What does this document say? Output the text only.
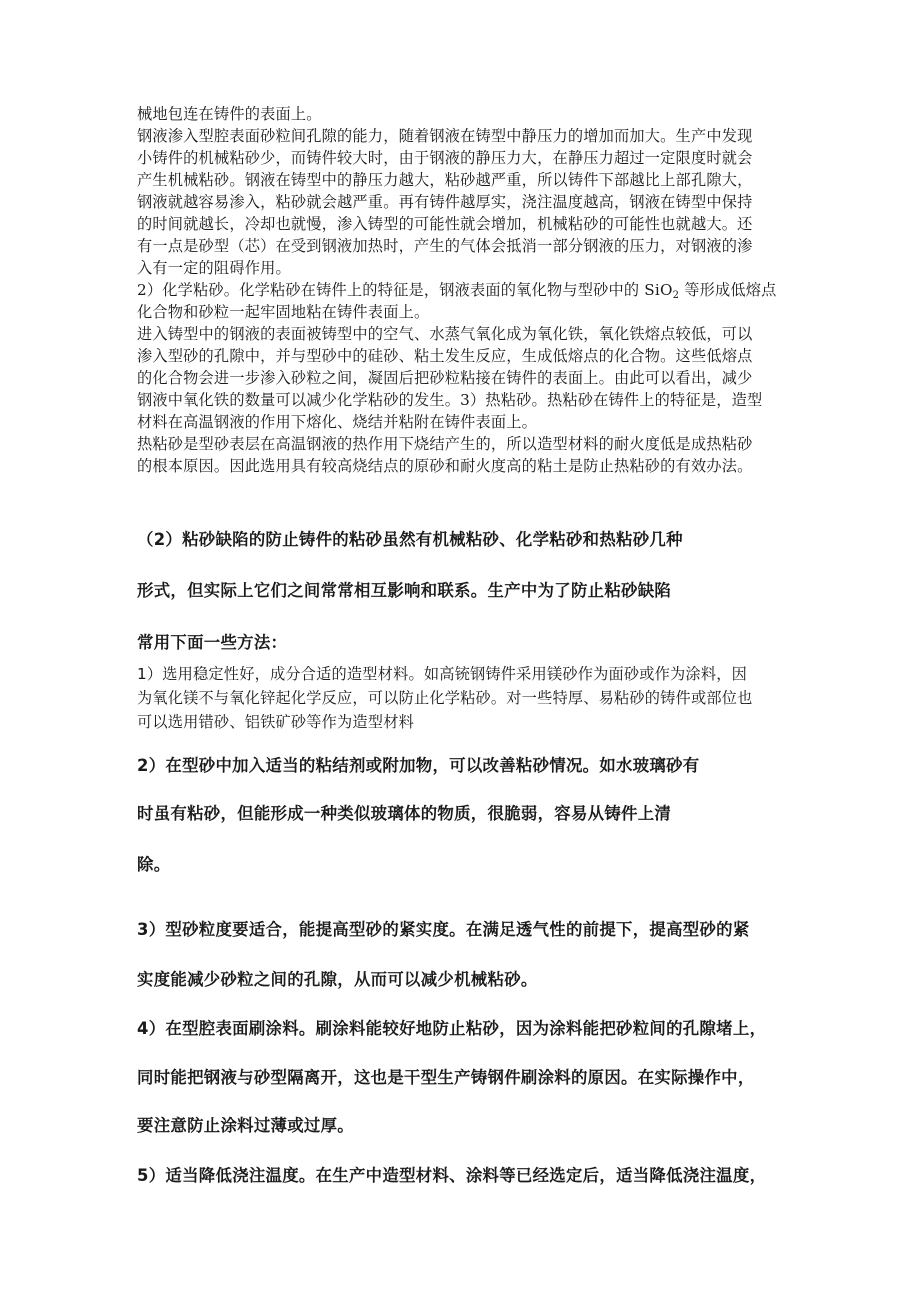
械地包连在铸件的表面上。
钢液渗入型腔表面砂粒间孔隙的能力，随着钢液在铸型中静压力的增加而加大。生产中发现
小铸件的机械粘砂少，而铸件较大时，由于钢液的静压力大，在静压力超过一定限度时就会
产生机械粘砂。钢液在铸型中的静压力越大，粘砂越严重，所以铸件下部越比上部孔隙大，
钢液就越容易渗入，粘砂就会越严重。再有铸件越厚实，浇注温度越高，钢液在铸型中保持
的时间就越长，冷却也就慢，渗入铸型的可能性就会增加，机械粘砂的可能性也就越大。还
有一点是砂型（芯）在受到钢液加热时，产生的气体会抵消一部分钢液的压力，对钢液的渗
入有一定的阻碍作用。
2）化学粘砂。化学粘砂在铸件上的特征是，钢液表面的氧化物与型砂中的 SiO$_2$ 等形成低熔点
化合物和砂粒一起牢固地粘在铸件表面上。
进入铸型中的钢液的表面被铸型中的空气、水蒸气氧化成为氧化铁，氧化铁熔点较低，可以
渗入型砂的孔隙中，并与型砂中的硅砂、粘土发生反应，生成低熔点的化合物。这些低熔点
的化合物会进一步渗入砂粒之间，凝固后把砂粒粘接在铸件的表面上。由此可以看出，减少
钢液中氧化铁的数量可以减少化学粘砂的发生。3）热粘砂。热粘砂在铸件上的特征是，造型
材料在高温钢液的作用下熔化、烧结并粘附在铸件表面上。
热粘砂是型砂表层在高温钢液的热作用下烧结产生的，所以造型材料的耐火度低是成热粘砂
的根本原因。因此选用具有较高烧结点的原砂和耐火度高的粘土是防止热粘砂的有效办法。
（2）粘砂缺陷的防止铸件的粘砂虽然有机械粘砂、化学粘砂和热粘砂几种
形式，但实际上它们之间常常相互影响和联系。生产中为了防止粘砂缺陷
常用下面一些方法：
1）选用稳定性好，成分合适的造型材料。如高铳钢铸件采用镁砂作为面砂或作为涂料，因
为氧化镁不与氧化锌起化学反应，可以防止化学粘砂。对一些特厚、易粘砂的铸件或部位也
可以选用错砂、铝铁矿砂等作为造型材料
2）在型砂中加入适当的粘结剂或附加物，可以改善粘砂情况。如水玻璃砂有
时虽有粘砂，但能形成一种类似玻璃体的物质，很脆弱，容易从铸件上清
除。
3）型砂粒度要适合，能提高型砂的紧实度。在满足透气性的前提下，提高型砂的紧
实度能减少砂粒之间的孔隙，从而可以减少机械粘砂。
4）在型腔表面刷涂料。刷涂料能较好地防止粘砂，因为涂料能把砂粒间的孔隙堵上，
同时能把钢液与砂型隔离开，这也是干型生产铸钢件刷涂料的原因。在实际操作中，
要注意防止涂料过薄或过厚。
5）适当降低浇注温度。在生产中造型材料、涂料等已经选定后，适当降低浇注温度，
